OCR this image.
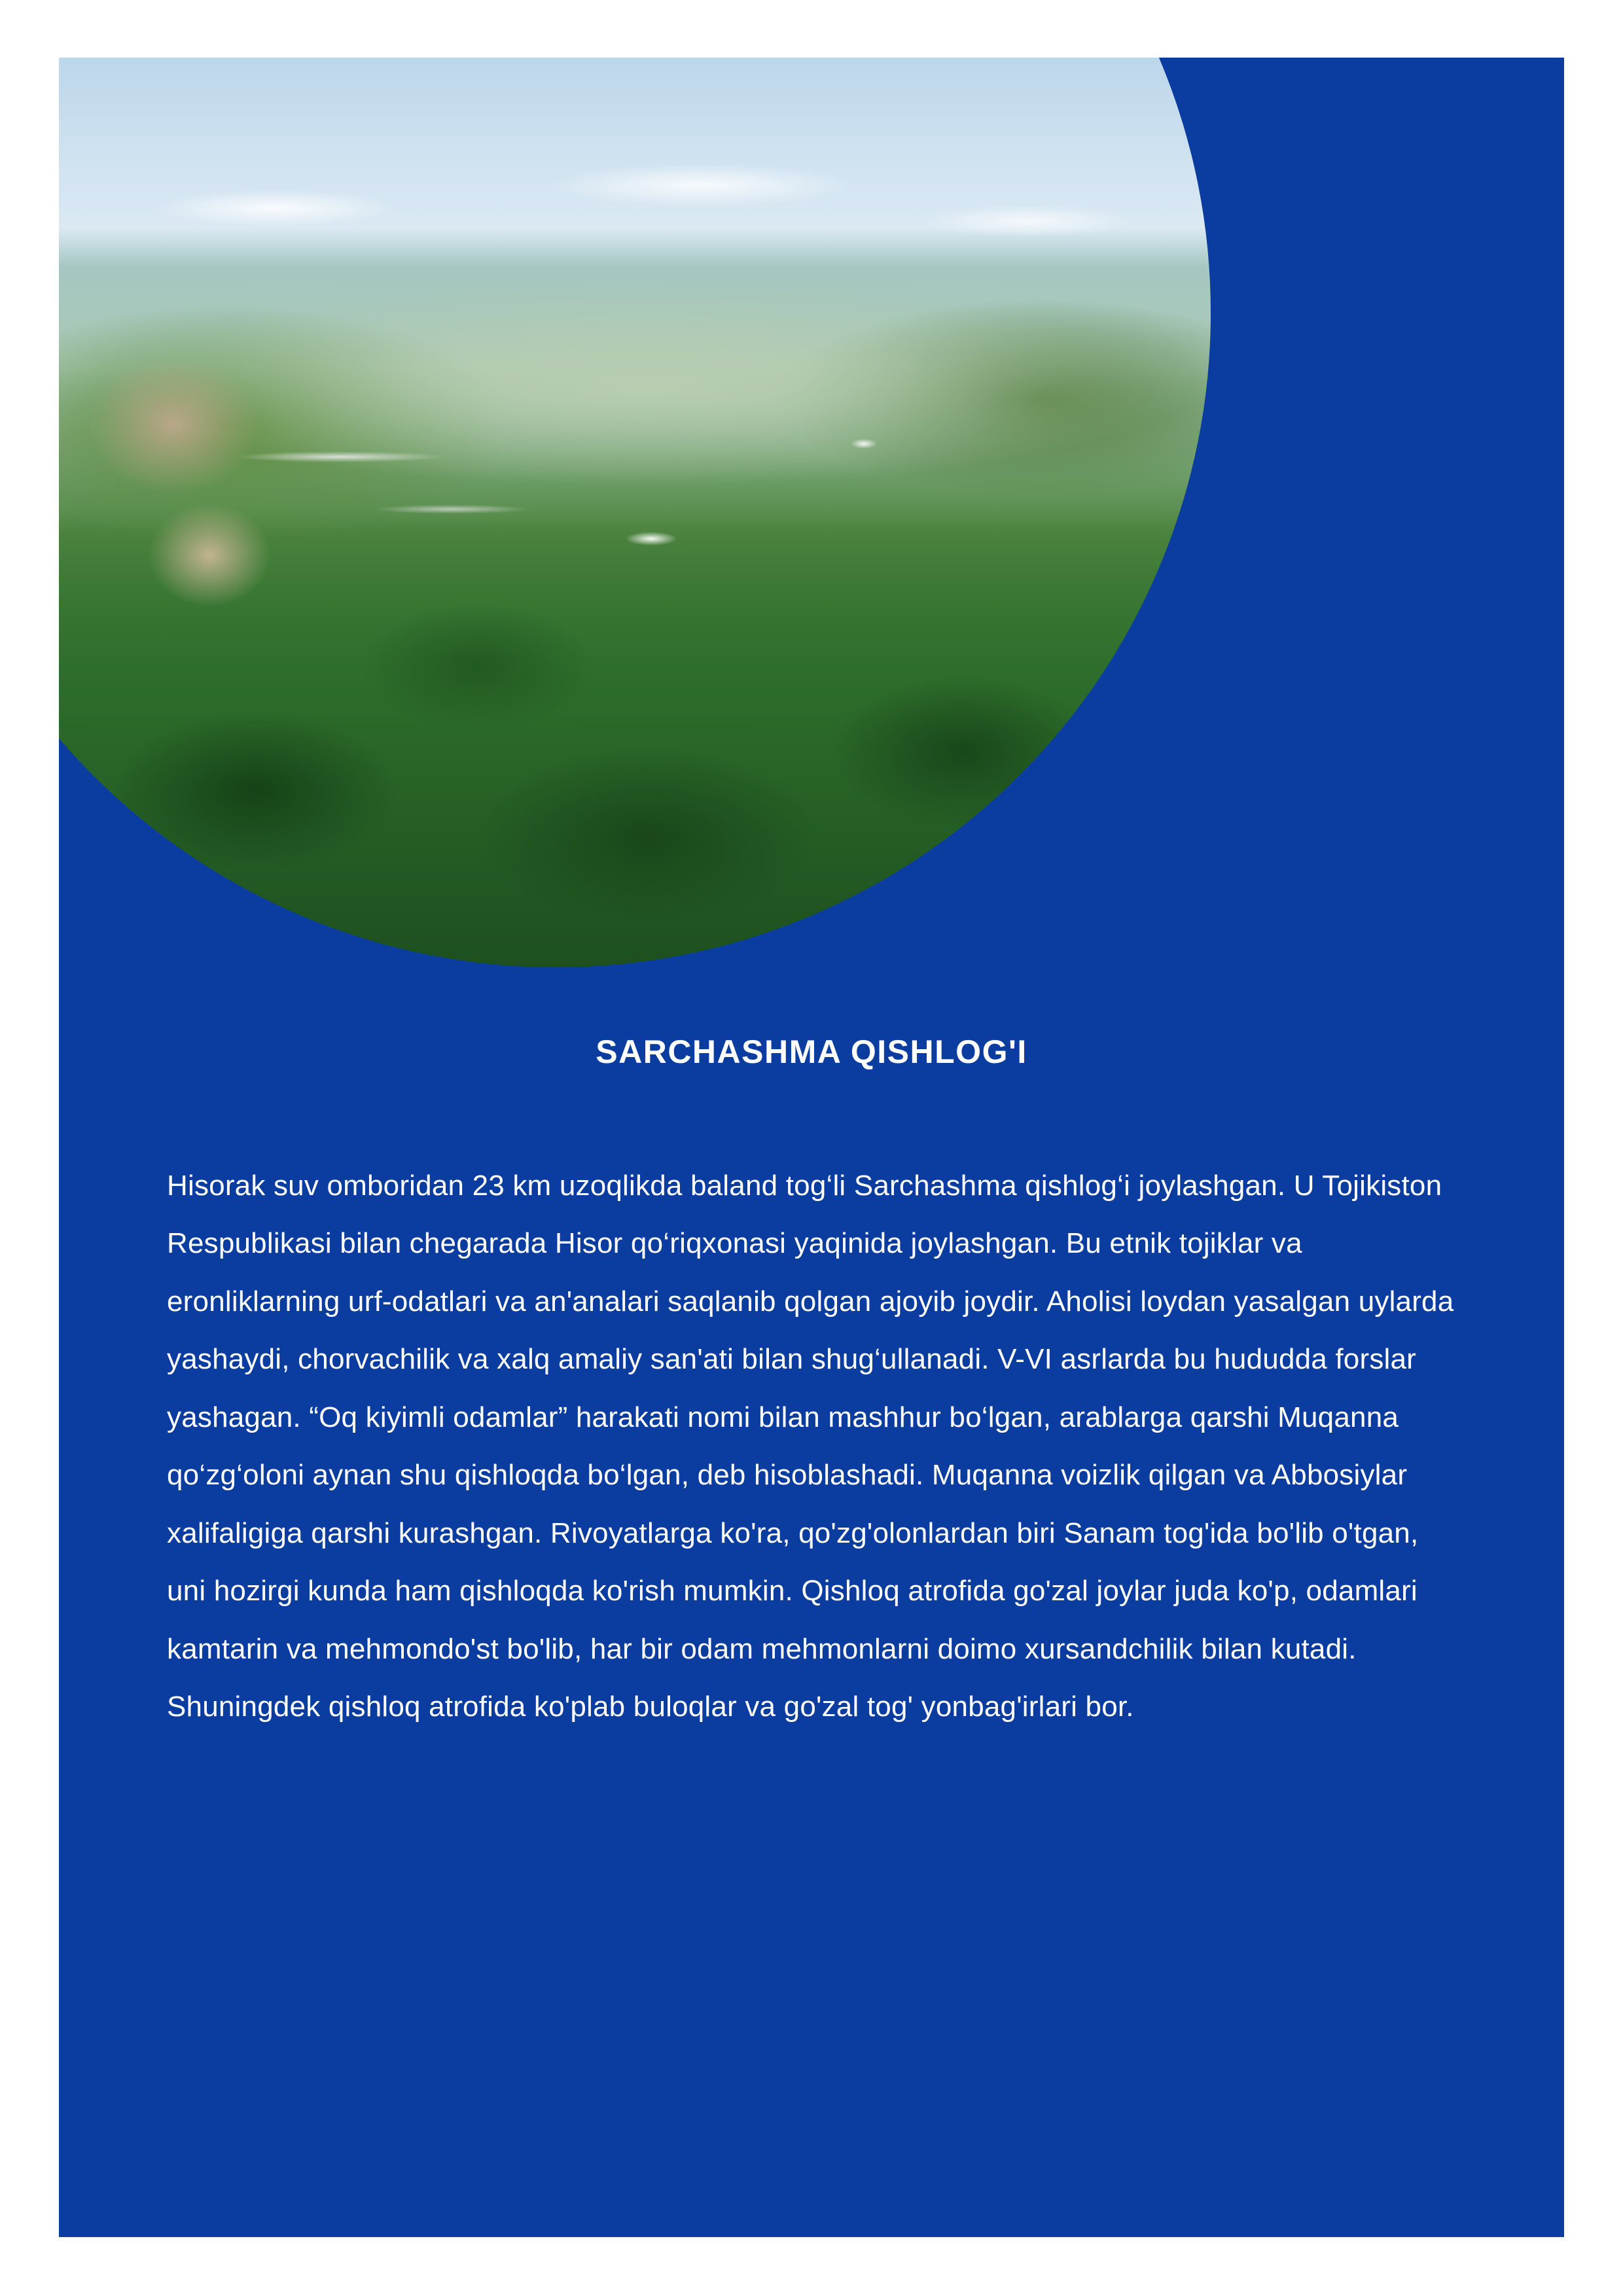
SARCHASHMA QISHLOG'I
Hisorak suv omboridan 23 km uzoqlikda baland tog‘li Sarchashma qishlog‘i joylashgan. U Tojikiston Respublikasi bilan chegarada Hisor qo‘riqxonasi yaqinida joylashgan. Bu etnik tojiklar va eronliklarning urf-odatlari va an'analari saqlanib qolgan ajoyib joydir. Aholisi loydan yasalgan uylarda yashaydi, chorvachilik va xalq amaliy san'ati bilan shug‘ullanadi. V-VI asrlarda bu hududda forslar yashagan. “Oq kiyimli odamlar” harakati nomi bilan mashhur bo‘lgan, arablarga qarshi Muqanna qo‘zg‘oloni aynan shu qishloqda bo‘lgan, deb hisoblashadi. Muqanna voizlik qilgan va Abbosiylar xalifaligiga qarshi kurashgan. Rivoyatlarga ko'ra, qo'zg'olonlardan biri Sanam tog'ida bo'lib o'tgan, uni hozirgi kunda ham qishloqda ko'rish mumkin. Qishloq atrofida go'zal joylar juda ko'p, odamlari kamtarin va mehmondo'st bo'lib, har bir odam mehmonlarni doimo xursandchilik bilan kutadi. Shuningdek qishloq atrofida ko'plab buloqlar va go'zal tog' yonbag'irlari bor.
